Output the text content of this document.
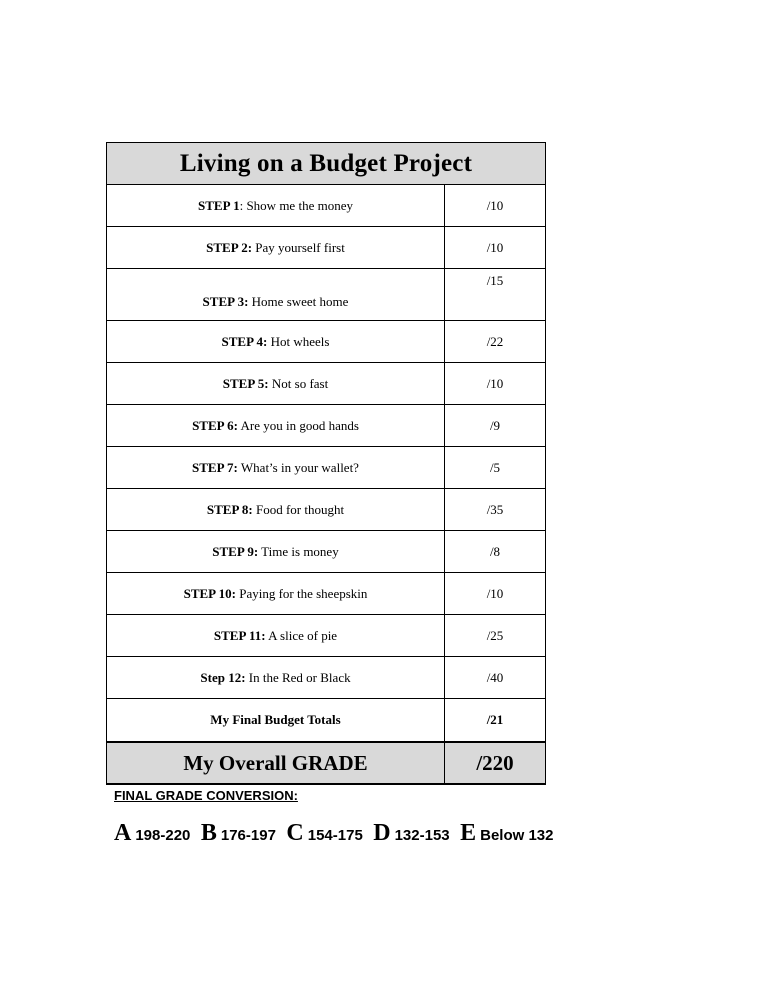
Living on a Budget Project	
STEP 1: Show me the money	/10
STEP 2: Pay yourself first	/10
STEP 3: Home sweet home	/15
STEP 4: Hot wheels	/22
STEP 5: Not so fast	/10
STEP 6: Are you in good hands	/9
STEP 7: What’s in your wallet?	/5
STEP 8: Food for thought	/35
STEP 9: Time is money	/8
STEP 10: Paying for the sheepskin	/10
STEP 11: A slice of pie	/25
Step 12: In the Red or Black	/40
My Final Budget Totals	/21
My Overall GRADE	/220
FINAL GRADE CONVERSION:
A 198-220 B 176-197 C 154-175 D 132-153 E Below 132
